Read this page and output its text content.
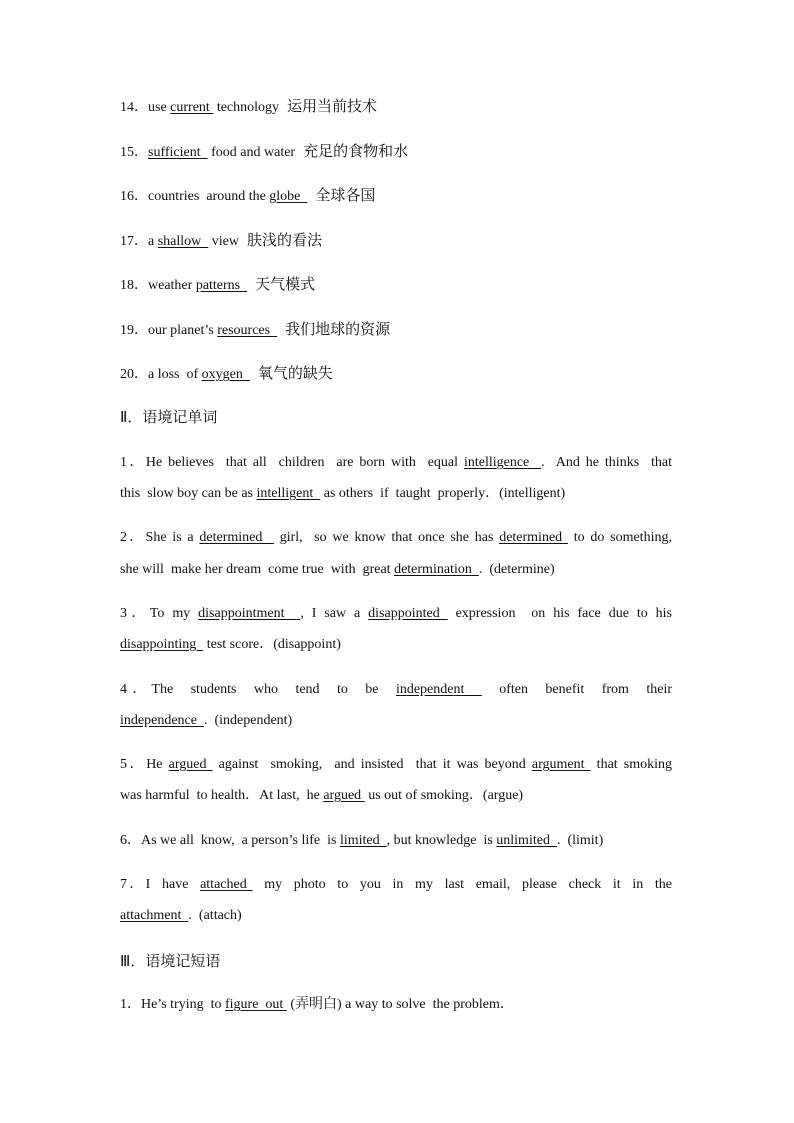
14．use current  technology 运用当前技术
15．sufficient   food and water 充足的食物和水
16．countries  around the globe  全球各国
17．a shallow   view 肤浅的看法
18．weather patterns  天气模式
19．our planet’s resources  我们地球的资源
20．a loss  of oxygen  氧气的缺失
Ⅱ．语境记单词
1．He believes  that all  children  are born with  equal intelligence  .  And he thinks  that
this  slow boy can be as intelligent   as others  if  taught  properly．(intelligent)
2．She is a determined   girl,  so we know that once she has determined  to do something,
she will  make her dream  come true  with  great determination  .  (determine)
3．To my disappointment  , I saw a disappointed  expression  on his face due to his
disappointing   test score．(disappoint)
4．The  students  who  tend  to  be  independent    often  benefit  from  their
independence  .  (independent)
5．He argued  against  smoking,  and insisted  that it was beyond argument  that smoking
was harmful  to health．At last,  he argued  us out of smoking．(argue)
6．As we all  know,  a person’s life  is limited  , but knowledge  is unlimited  .  (limit)
7．I  have  attached   my  photo  to  you  in  my  last  email,  please  check  it  in  the
attachment  .  (attach)
Ⅲ．语境记短语
1．He’s trying  to figure  out  (弄明白) a way to solve  the problem．
